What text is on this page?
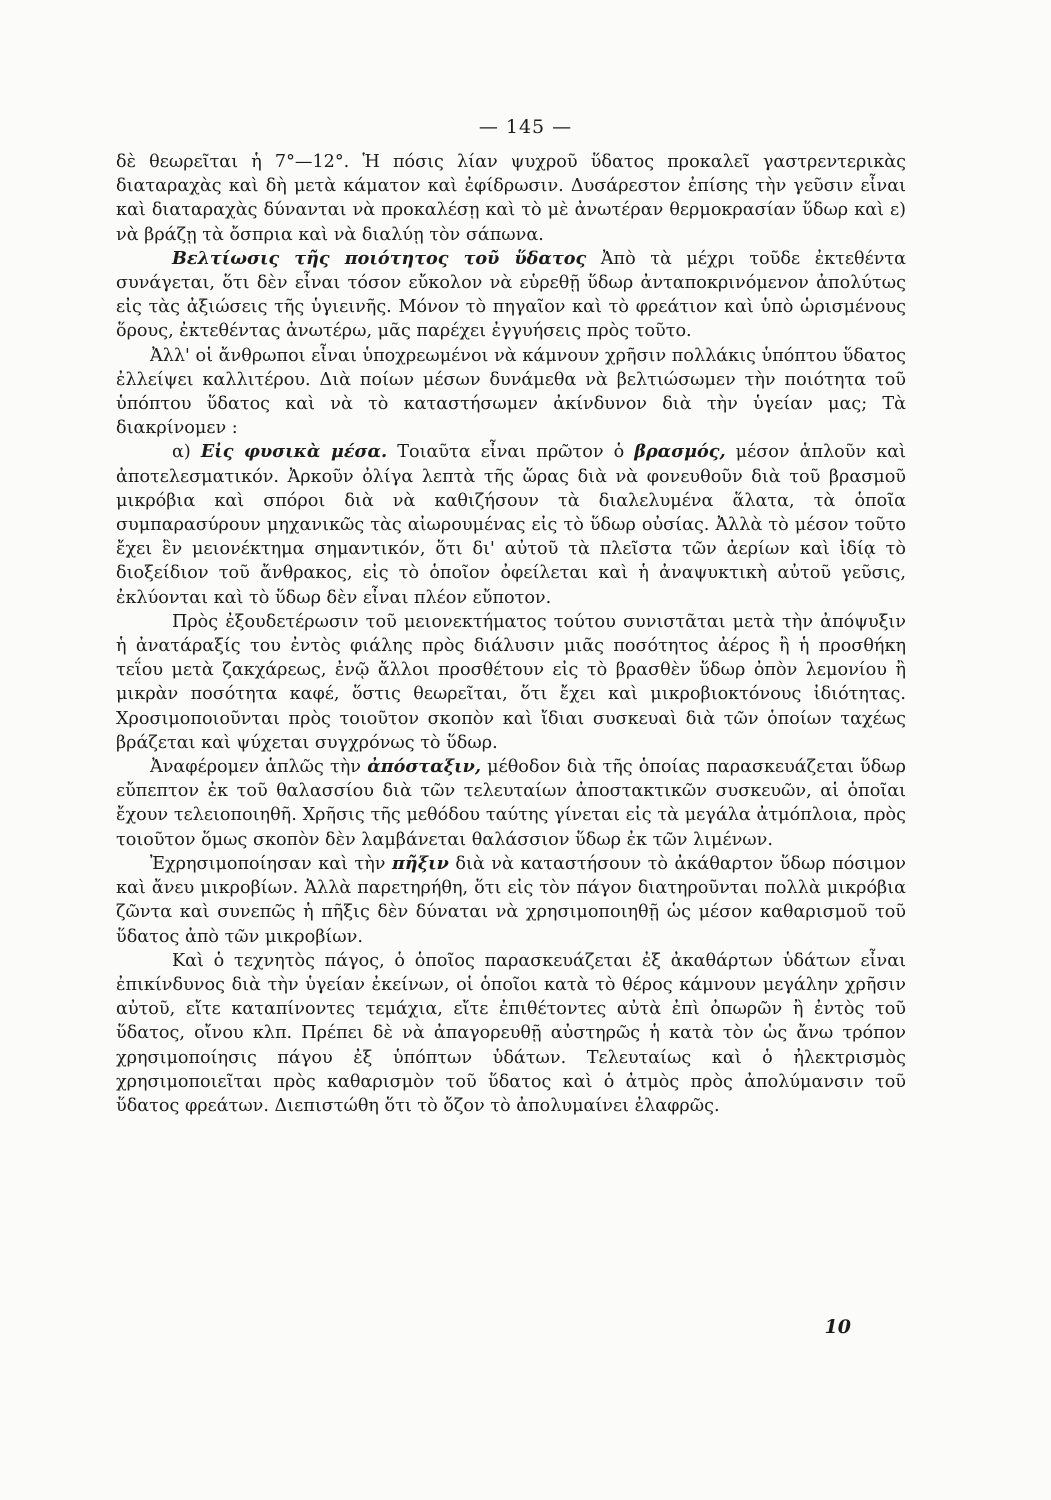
— 145 —

δὲ θεωρεῖται ἡ 7°—12°. Ἡ πόσις λίαν ψυχροῦ ὕδατος προκαλεῖ γαστρεντερικὰς διαταραχὰς καὶ δὴ μετὰ κάματον καὶ ἐφίδρωσιν. Δυσάρεστον ἐπίσης τὴν γεῦσιν εἶναι καὶ διαταραχὰς δύνανται νὰ προκαλέσῃ καὶ τὸ μὲ ἀνωτέραν θερμοκρασίαν ὕδωρ καὶ ε) νὰ βράζῃ τὰ ὄσπρια καὶ νὰ διαλύῃ τὸν σάπωνα.

Βελτίωσις τῆς ποιότητος τοῦ ὕδατος Ἀπὸ τὰ μέχρι τοῦδε ἐκτεθέντα συνάγεται, ὅτι δὲν εἶναι τόσον εὔκολον νὰ εὑρεθῇ ὕδωρ ἀνταποκρινόμενον ἀπολύτως εἰς τὰς ἀξιώσεις τῆς ὑγιεινῆς. Μόνον τὸ πηγαῖον καὶ τὸ φρεάτιον καὶ ὑπὸ ὡρισμένους ὅρους, ἐκτεθέντας ἀνωτέρω, μᾶς παρέχει ἐγγυήσεις πρὸς τοῦτο.

Ἀλλ' οἱ ἄνθρωποι εἶναι ὑποχρεωμένοι νὰ κάμνουν χρῆσιν πολλάκις ὑπόπτου ὕδατος ἐλλείψει καλλιτέρου. Διὰ ποίων μέσων δυνάμεθα νὰ βελτιώσωμεν τὴν ποιότητα τοῦ ὑπόπτου ὕδατος καὶ νὰ τὸ καταστήσωμεν ἀκίνδυνον διὰ τὴν ὑγείαν μας; Τὰ διακρίνομεν :

α) Εἰς φυσικὰ μέσα. Τοιαῦτα εἶναι πρῶτον ὁ βρασμός, μέσον ἁπλοῦν καὶ ἀποτελεσματικόν. Ἀρκοῦν ὀλίγα λεπτὰ τῆς ὥρας διὰ νὰ φονευθοῦν διὰ τοῦ βρασμοῦ μικρόβια καὶ σπόροι διὰ νὰ καθιζήσουν τὰ διαλελυμένα ἅλατα, τὰ ὁποῖα συμπαρασύρουν μηχανικῶς τὰς αἰωρουμένας εἰς τὸ ὕδωρ οὐσίας. Ἀλλὰ τὸ μέσον τοῦτο ἔχει ἓν μειονέκτημα σημαντικόν, ὅτι δι' αὐτοῦ τὰ πλεῖστα τῶν ἀερίων καὶ ἰδίᾳ τὸ διοξείδιον τοῦ ἄνθρακος, εἰς τὸ ὁποῖον ὀφείλεται καὶ ἡ ἀναψυκτικὴ αὐτοῦ γεῦσις, ἐκλύονται καὶ τὸ ὕδωρ δὲν εἶναι πλέον εὔποτον.

Πρὸς ἐξουδετέρωσιν τοῦ μειονεκτήματος τούτου συνιστᾶται μετὰ τὴν ἀπόψυξιν ἡ ἀνατάραξίς του ἐντὸς φιάλης πρὸς διάλυσιν μιᾶς ποσότητος ἀέρος ἢ ἡ προσθήκη τεΐου μετὰ ζακχάρεως, ἐνῷ ἄλλοι προσθέτουν εἰς τὸ βρασθὲν ὕδωρ ὀπὸν λεμονίου ἢ μικρὰν ποσότητα καφέ, ὅστις θεωρεῖται, ὅτι ἔχει καὶ μικροβιοκτόνους ἰδιότητας. Χροσιμοποιοῦνται πρὸς τοιοῦτον σκοπὸν καὶ ἴδιαι συσκευαὶ διὰ τῶν ὁποίων ταχέως βράζεται καὶ ψύχεται συγχρόνως τὸ ὕδωρ.

Ἀναφέρομεν ἁπλῶς τὴν ἀπόσταξιν, μέθοδον διὰ τῆς ὁποίας παρασκευάζεται ὕδωρ εὔπεπτον ἐκ τοῦ θαλασσίου διὰ τῶν τελευταίων ἀποστακτικῶν συσκευῶν, αἱ ὁποῖαι ἔχουν τελειοποιηθῆ. Χρῆσις τῆς μεθόδου ταύτης γίνεται εἰς τὰ μεγάλα ἀτμόπλοια, πρὸς τοιοῦτον ὅμως σκοπὸν δὲν λαμβάνεται θαλάσσιον ὕδωρ ἐκ τῶν λιμένων.

Ἐχρησιμοποίησαν καὶ τὴν πῆξιν διὰ νὰ καταστήσουν τὸ ἀκάθαρτον ὕδωρ πόσιμον καὶ ἄνευ μικροβίων. Ἀλλὰ παρετηρήθη, ὅτι εἰς τὸν πάγον διατηροῦνται πολλὰ μικρόβια ζῶντα καὶ συνεπῶς ἡ πῆξις δὲν δύναται νὰ χρησιμοποιηθῇ ὡς μέσον καθαρισμοῦ τοῦ ὕδατος ἀπὸ τῶν μικροβίων.

Καὶ ὁ τεχνητὸς πάγος, ὁ ὁποῖος παρασκευάζεται ἐξ ἀκαθάρτων ὑδάτων εἶναι ἐπικίνδυνος διὰ τὴν ὑγείαν ἐκείνων, οἱ ὁποῖοι κατὰ τὸ θέρος κάμνουν μεγάλην χρῆσιν αὐτοῦ, εἴτε καταπίνοντες τεμάχια, εἴτε ἐπιθέτοντες αὐτὰ ἐπὶ ὀπωρῶν ἢ ἐντὸς τοῦ ὕδατος, οἴνου κλπ. Πρέπει δὲ νὰ ἀπαγορευθῇ αὐστηρῶς ἡ κατὰ τὸν ὡς ἄνω τρόπον χρησιμοποίησις πάγου ἐξ ὑπόπτων ὑδάτων. Τελευταίως καὶ ὁ ἠλεκτρισμὸς χρησιμοποιεῖται πρὸς καθαρισμὸν τοῦ ὕδατος καὶ ὁ ἀτμὸς πρὸς ἀπολύμανσιν τοῦ ὕδατος φρεάτων. Διεπιστώθη ὅτι τὸ ὄζον τὸ ἀπολυμαίνει ἐλαφρῶς.

10
